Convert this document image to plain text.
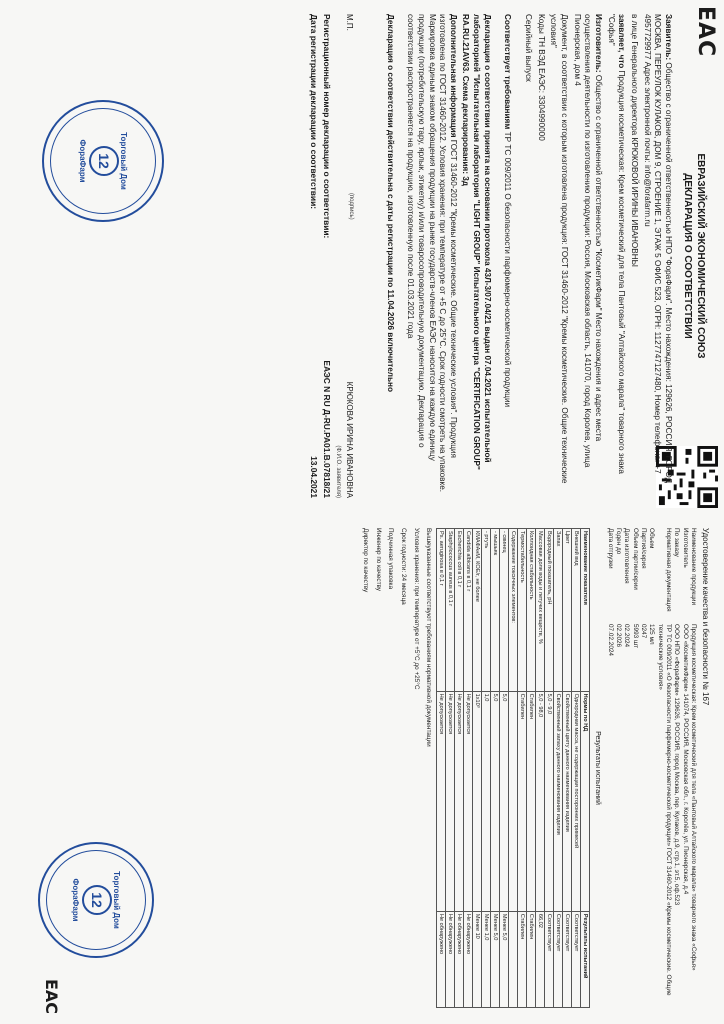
EAC
ЕВРАЗИЙСКИЙ ЭКОНОМИЧЕСКИЙ СОЮЗ
ДЕКЛАРАЦИЯ О СООТВЕТСТВИИ

Заявитель: Общество с ограниченной ответственностью НПО "ФораФарм". Место нахождения: 129626, РОССИЯ, ГОРОД МОСКВА, ПЕРЕУЛОК КУЛАКОВ, ДОМ 9, СТРОЕНИЕ 1, ЭТАЖ 5 ОФИС 523, ОГРН: 1127747127480, Номер телефона: +7 4957729977 Адрес электронной почты: info@forafarm.ru

в лице Генерального директора КРЮКОВОЙ ИРИНЫ ИВАНОВНЫ

заявляет, что Продукция косметическая: Крем косметический для тела Пантовый "Алтайского марала" товарного знака "Софья"

Изготовитель: Общество с ограниченной ответственностью "КосметикФарм" Место нахождения и адрес места осуществления деятельности по изготовлению продукции: Россия, Московская область, 141070, город Королев, улица Пионерская, дом 4

Документ, в соответствии с которым изготовлена продукция: ГОСТ 31460-2012 "Кремы косметические. Общие технические условия"

Коды ТН ВЭД ЕАЭС: 3304990000

Серийный выпуск

Соответствует требованиям ТР ТС 009/2011 О безопасности парфюмерно-косметической продукции

Декларация о соответствии принята на основании протокола 43Л-3/07.04/21 выдан 07.04.2021 испытательной лабораторией "Испытательная лаборатория "LIGHT GROUP" Испытательного центра "CERTIFICATION GROUP" RA.RU.21AV63. Схема декларирования: 3д

Дополнительная информация ГОСТ 31460-2012 "Кремы косметические. Общие технические условия". Продукция изготовлена по ГОСТ 31460-2012. Условия хранения: при температуре от +5 С до 25°С. Срок годности смотреть на упаковке. Маркировка единым знаком обращения продукции на рынке государств-членов ЕАЭС наносится на каждую единицу продукции (потребительскую тару, ярлык, этикетку) и/или товаросопроводительную документацию. Декларация о соответствии распространяется на продукцию, изготовленную после 01.03.2021 года

Декларация о соответствии действительна с даты регистрации по 11.04.2026 включительно

М.П.
(подпись)
КРЮКОВА ИРИНА ИВАНОВНА
(Ф.И.О. заявителя)
Регистрационный номер декларации о соответствии:
ЕАЭС N RU Д-RU.РА01.В.07818/21
Дата регистрации декларации о соответствии:
13.04.2021
Торговый Дом
12
ФораФарм
Удостоверение качества и безопасности № 167
Наименование продукции
Продукция косметическая: Крем косметический для тела «Пантовый Алтайского марала» товарного знака «Софья»
Изготовитель
ООО «КосметикФарм» 141074, РОССИЯ, Московская обл., г. Королёв, ул. Пионерская, д.4
По заказу
ООО НПО «ФораФарм» 129626, РОССИЯ, город Москва, пер. Кулаков, д.9, стр.1, эт.5, оф.523
Нормативная документация
ТР ТС 009/2011 «О безопасности парфюмерно-косметической продукции» ГОСТ 31460-2012 «Кремы косметические. Общие технические условия»
Объем
125 мл
Партия/серия
0247
Объем партии/серии
5993 шт
Дата изготовления
02.2024
Годен до
02.2026
Дата отгрузки
07.02.2024
Результаты испытаний
Наименование показателя	Нормы по НД	Результаты испытаний
Внешний вид	Однородная масса, не содержащая посторонних примесей	Соответствует
Цвет	Свойственный цвету данного наименования изделия	Соответствует
Запах	Свойственный запаху данного наименования изделия	Соответствует
Водородный показатель, pH	5,0 - 9,0	Соответствует
Массовая доля воды и летучих веществ, %	5,0 - 98,0	66,02
Коллоидная стабильность	Стабилен	Стабилен
Термостабильность	Стабилен	Стабилен
Содержание токсичных элементов:		
- свинец	5,0	Менее 5,0
- мышьяк	5,0	Менее 5,0
- ртуть	1,0	Менее 1,0
КМАФАнМ, КОЕ/г, не более	1x10³	Менее 10
Candida albicans в 0,1 г	Не допускается	Не обнаружено
Escherichia coli в 0,1 г	Не допускается	Не обнаружено
Staphylococcus aureus в 0,1 г	Не допускается	Не обнаружено
Ps. aeruginosa в 0,1 г	Не допускается	Не обнаружено
Вышеуказанные соответствуют требованиям нормативной документации
Условия хранения: при температуре от +5°С до +25°С
Срок годности: 24 месяца
Подчинная упаковка
Инженер по качеству
Директор по качеству
EAC
Торговый Дом
12
ФораФарм
